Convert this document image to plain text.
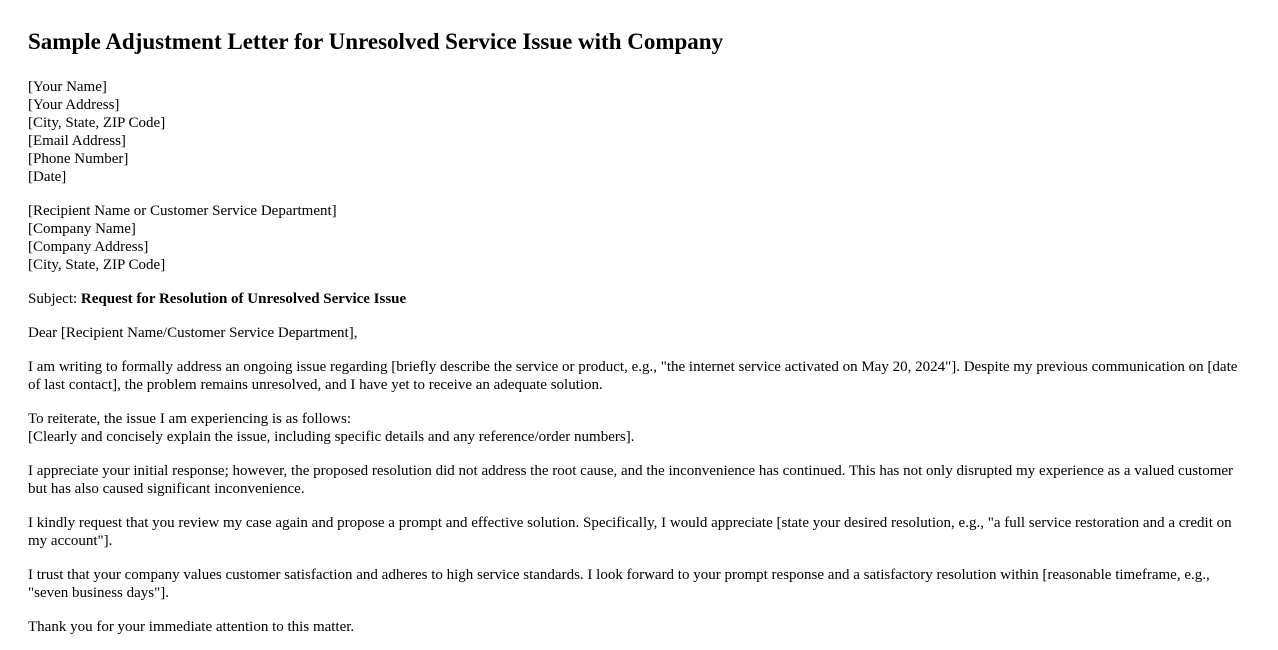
Sample Adjustment Letter for Unresolved Service Issue with Company
[Your Name]
[Your Address]
[City, State, ZIP Code]
[Email Address]
[Phone Number]
[Date]
[Recipient Name or Customer Service Department]
[Company Name]
[Company Address]
[City, State, ZIP Code]

Subject: Request for Resolution of Unresolved Service Issue

Dear [Recipient Name/Customer Service Department],

I am writing to formally address an ongoing issue regarding [briefly describe the service or product, e.g., "the internet service activated on May 20, 2024"]. Despite my previous communication on [date of last contact], the problem remains unresolved, and I have yet to receive an adequate solution.

To reiterate, the issue I am experiencing is as follows:
[Clearly and concisely explain the issue, including specific details and any reference/order numbers].

I appreciate your initial response; however, the proposed resolution did not address the root cause, and the inconvenience has continued. This has not only disrupted my experience as a valued customer but has also caused significant inconvenience.

I kindly request that you review my case again and propose a prompt and effective solution. Specifically, I would appreciate [state your desired resolution, e.g., "a full service restoration and a credit on my account"].

I trust that your company values customer satisfaction and adheres to high service standards. I look forward to your prompt response and a satisfactory resolution within [reasonable timeframe, e.g., "seven business days"].

Thank you for your immediate attention to this matter.
